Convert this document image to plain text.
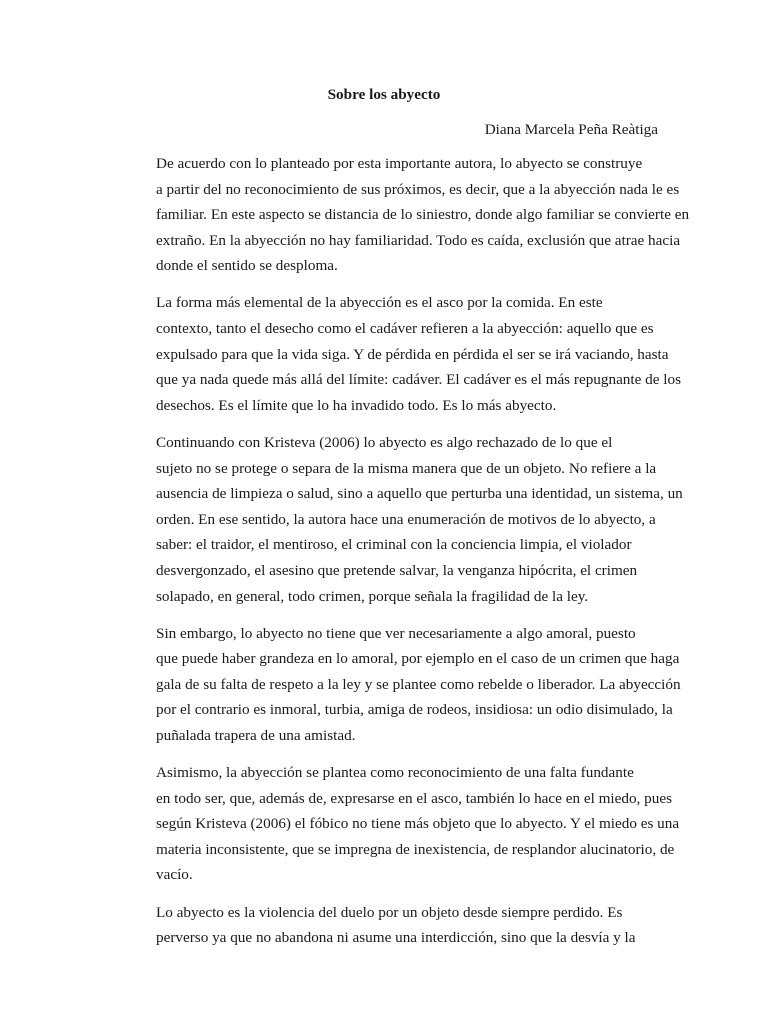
Sobre los abyecto
Diana Marcela Peña Reàtiga

De acuerdo con lo planteado por esta importante autora, lo abyecto se construye
a partir del no reconocimiento de sus próximos, es decir, que a la abyección nada le es
familiar. En este aspecto se distancia de lo siniestro, donde algo familiar se convierte en
extraño. En la abyección no hay familiaridad. Todo es caída, exclusión que atrae hacia
donde el sentido se desploma.

La forma más elemental de la abyección es el asco por la comida. En este
contexto, tanto el desecho como el cadáver refieren a la abyección: aquello que es
expulsado para que la vida siga. Y de pérdida en pérdida el ser se irá vaciando, hasta
que ya nada quede más allá del límite: cadáver. El cadáver es el más repugnante de los
desechos. Es el límite que lo ha invadido todo. Es lo más abyecto.

Continuando con Kristeva (2006) lo abyecto es algo rechazado de lo que el
sujeto no se protege o separa de la misma manera que de un objeto. No refiere a la
ausencia de limpieza o salud, sino a aquello que perturba una identidad, un sistema, un
orden. En ese sentido, la autora hace una enumeración de motivos de lo abyecto, a
saber: el traidor, el mentiroso, el criminal con la conciencia limpia, el violador
desvergonzado, el asesino que pretende salvar, la venganza hipócrita, el crimen
solapado, en general, todo crimen, porque señala la fragilidad de la ley.

Sin embargo, lo abyecto no tiene que ver necesariamente a algo amoral, puesto
que puede haber grandeza en lo amoral, por ejemplo en el caso de un crimen que haga
gala de su falta de respeto a la ley y se plantee como rebelde o liberador. La abyección
por el contrario es inmoral, turbia, amiga de rodeos, insidiosa: un odio disimulado, la
puñalada trapera de una amistad.

Asimismo, la abyección se plantea como reconocimiento de una falta fundante
en todo ser, que, además de, expresarse en el asco, también lo hace en el miedo, pues
según Kristeva (2006) el fóbico no tiene más objeto que lo abyecto. Y el miedo es una
materia inconsistente, que se impregna de inexistencia, de resplandor alucinatorio, de
vacío.

Lo abyecto es la violencia del duelo por un objeto desde siempre perdido. Es
perverso ya que no abandona ni asume una interdicción, sino que la desvía y la
